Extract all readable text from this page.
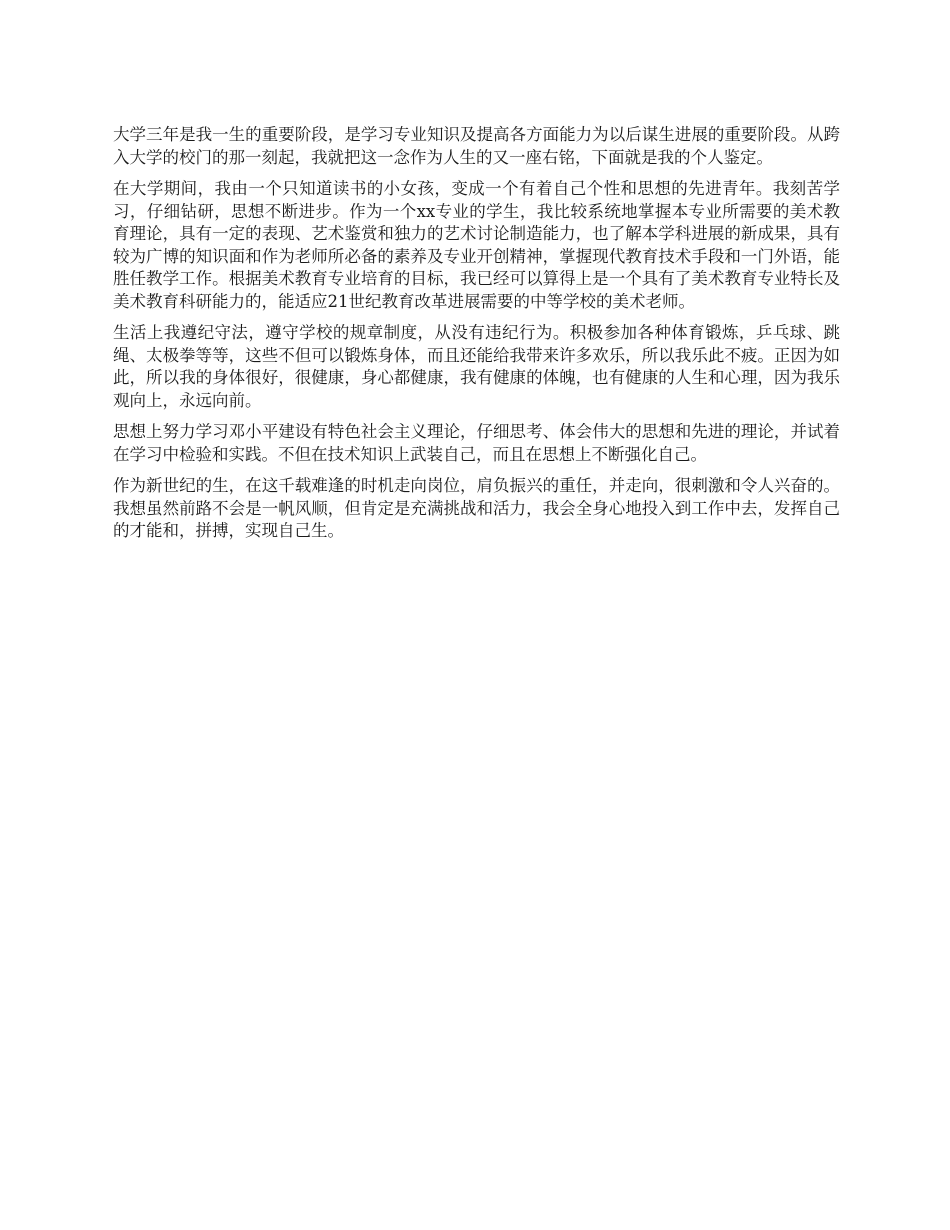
大学三年是我一生的重要阶段，是学习专业知识及提高各方面能力为以后谋生进展的重要阶段。从跨入大学的校门的那一刻起，我就把这一念作为人生的又一座右铭，下面就是我的个人鉴定。

在大学期间，我由一个只知道读书的小女孩，变成一个有着自己个性和思想的先进青年。我刻苦学习，仔细钻研，思想不断进步。作为一个xx专业的学生，我比较系统地掌握本专业所需要的美术教育理论，具有一定的表现、艺术鉴赏和独力的艺术讨论制造能力，也了解本学科进展的新成果，具有较为广博的知识面和作为老师所必备的素养及专业开创精神，掌握现代教育技术手段和一门外语，能胜任教学工作。根据美术教育专业培育的目标，我已经可以算得上是一个具有了美术教育专业特长及美术教育科研能力的，能适应21世纪教育改革进展需要的中等学校的美术老师。

生活上我遵纪守法，遵守学校的规章制度，从没有违纪行为。积极参加各种体育锻炼，乒乓球、跳绳、太极拳等等，这些不但可以锻炼身体，而且还能给我带来许多欢乐，所以我乐此不疲。正因为如此，所以我的身体很好，很健康，身心都健康，我有健康的体魄，也有健康的人生和心理，因为我乐观向上，永远向前。

思想上努力学习邓小平建设有特色社会主义理论，仔细思考、体会伟大的思想和先进的理论，并试着在学习中检验和实践。不但在技术知识上武装自己，而且在思想上不断强化自己。

作为新世纪的生，在这千载难逢的时机走向岗位，肩负振兴的重任，并走向，很刺激和令人兴奋的。我想虽然前路不会是一帆风顺，但肯定是充满挑战和活力，我会全身心地投入到工作中去，发挥自己的才能和，拼搏，实现自己生。
